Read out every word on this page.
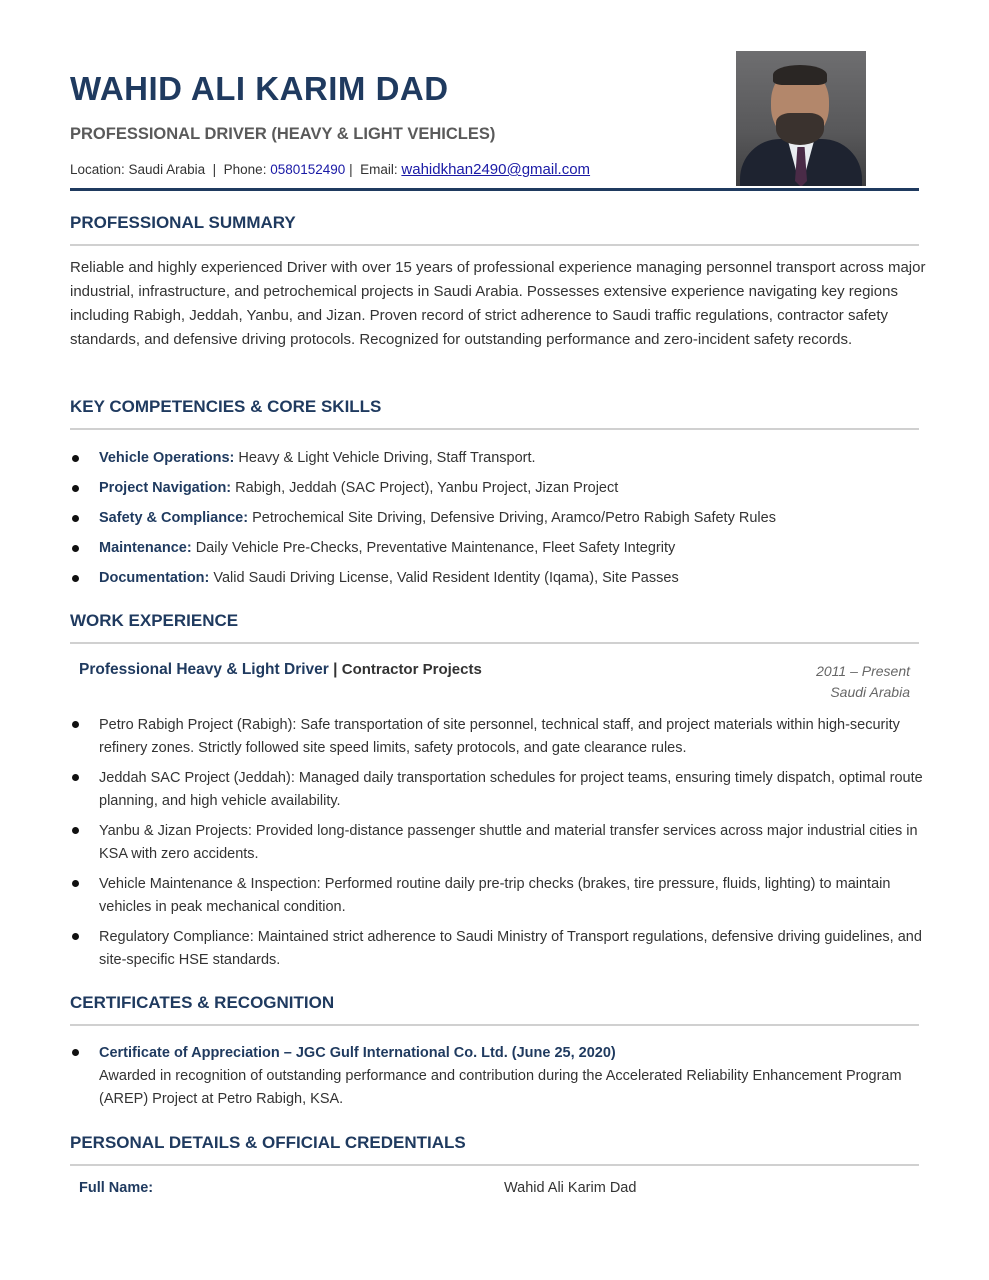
WAHID ALI KARIM DAD
PROFESSIONAL DRIVER (HEAVY & LIGHT VEHICLES)
Location: Saudi Arabia | Phone: 0580152490 | Email: wahidkhan2490@gmail.com
PROFESSIONAL SUMMARY

Reliable and highly experienced Driver with over 15 years of professional experience managing personnel transport across major industrial, infrastructure, and petrochemical projects in Saudi Arabia. Possesses extensive experience navigating key regions including Rabigh, Jeddah, Yanbu, and Jizan. Proven record of strict adherence to Saudi traffic regulations, contractor safety standards, and defensive driving protocols. Recognized for outstanding performance and zero-incident safety records.

KEY COMPETENCIES & CORE SKILLS
Vehicle Operations: Heavy & Light Vehicle Driving, Staff Transport.
Project Navigation: Rabigh, Jeddah (SAC Project), Yanbu Project, Jizan Project
Safety & Compliance: Petrochemical Site Driving, Defensive Driving, Aramco/Petro Rabigh Safety Rules
Maintenance: Daily Vehicle Pre-Checks, Preventative Maintenance, Fleet Safety Integrity
Documentation: Valid Saudi Driving License, Valid Resident Identity (Iqama), Site Passes
WORK EXPERIENCE
Professional Heavy & Light Driver | Contractor Projects	2011 – Present
Saudi Arabia
Petro Rabigh Project (Rabigh): Safe transportation of site personnel, technical staff, and project materials within high-security refinery zones. Strictly followed site speed limits, safety protocols, and gate clearance rules.
Jeddah SAC Project (Jeddah): Managed daily transportation schedules for project teams, ensuring timely dispatch, optimal route planning, and high vehicle availability.
Yanbu & Jizan Projects: Provided long-distance passenger shuttle and material transfer services across major industrial cities in KSA with zero accidents.
Vehicle Maintenance & Inspection: Performed routine daily pre-trip checks (brakes, tire pressure, fluids, lighting) to maintain vehicles in peak mechanical condition.
Regulatory Compliance: Maintained strict adherence to Saudi Ministry of Transport regulations, defensive driving guidelines, and site-specific HSE standards.
CERTIFICATES & RECOGNITION
Certificate of Appreciation – JGC Gulf International Co. Ltd. (June 25, 2020)
Awarded in recognition of outstanding performance and contribution during the Accelerated Reliability Enhancement Program (AREP) Project at Petro Rabigh, KSA.
PERSONAL DETAILS & OFFICIAL CREDENTIALS
Full Name:	Wahid Ali Karim Dad
